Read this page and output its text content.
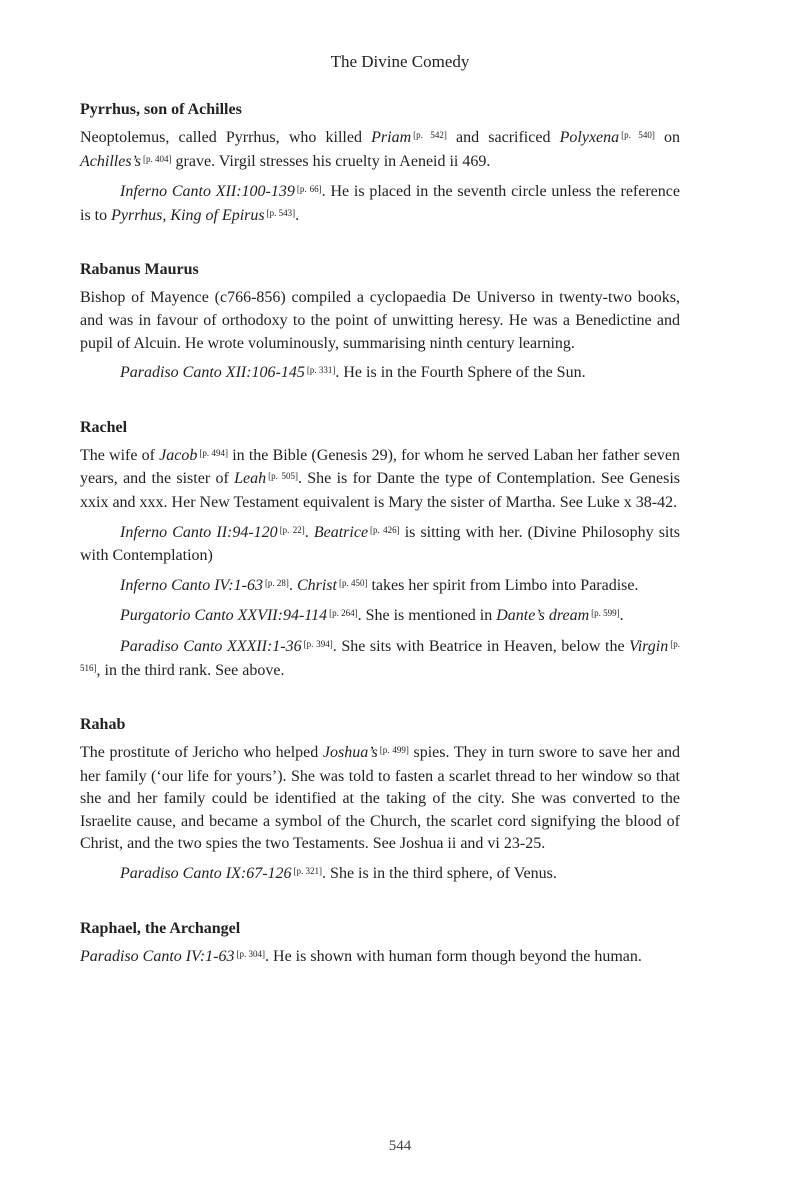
The Divine Comedy
Pyrrhus, son of Achilles

Neoptolemus, called Pyrrhus, who killed Priam [p. 542] and sacrificed Polyxena [p. 540] on Achilles’s [p. 404] grave. Virgil stresses his cruelty in Aeneid ii 469.

Inferno Canto XII:100-139 [p. 66]. He is placed in the seventh circle unless the reference is to Pyrrhus, King of Epirus [p. 543].

Rabanus Maurus

Bishop of Mayence (c766-856) compiled a cyclopaedia De Universo in twenty-two books, and was in favour of orthodoxy to the point of unwitting heresy. He was a Benedictine and pupil of Alcuin. He wrote voluminously, summarising ninth century learning.

Paradiso Canto XII:106-145 [p. 331]. He is in the Fourth Sphere of the Sun.

Rachel

The wife of Jacob [p. 494] in the Bible (Genesis 29), for whom he served Laban her father seven years, and the sister of Leah [p. 505]. She is for Dante the type of Contemplation. See Genesis xxix and xxx. Her New Testament equivalent is Mary the sister of Martha. See Luke x 38-42.

Inferno Canto II:94-120 [p. 22]. Beatrice [p. 426] is sitting with her. (Divine Philosophy sits with Contemplation)

Inferno Canto IV:1-63 [p. 28]. Christ [p. 450] takes her spirit from Limbo into Paradise.

Purgatorio Canto XXVII:94-114 [p. 264]. She is mentioned in Dante’s dream [p. 599].

Paradiso Canto XXXII:1-36 [p. 394]. She sits with Beatrice in Heaven, below the Virgin [p. 516], in the third rank. See above.

Rahab

The prostitute of Jericho who helped Joshua’s [p. 499] spies. They in turn swore to save her and her family (‘our life for yours’). She was told to fasten a scarlet thread to her window so that she and her family could be identified at the taking of the city. She was converted to the Israelite cause, and became a symbol of the Church, the scarlet cord signifying the blood of Christ, and the two spies the two Testaments. See Joshua ii and vi 23-25.

Paradiso Canto IX:67-126 [p. 321]. She is in the third sphere, of Venus.

Raphael, the Archangel

Paradiso Canto IV:1-63 [p. 304]. He is shown with human form though beyond the human.

544
